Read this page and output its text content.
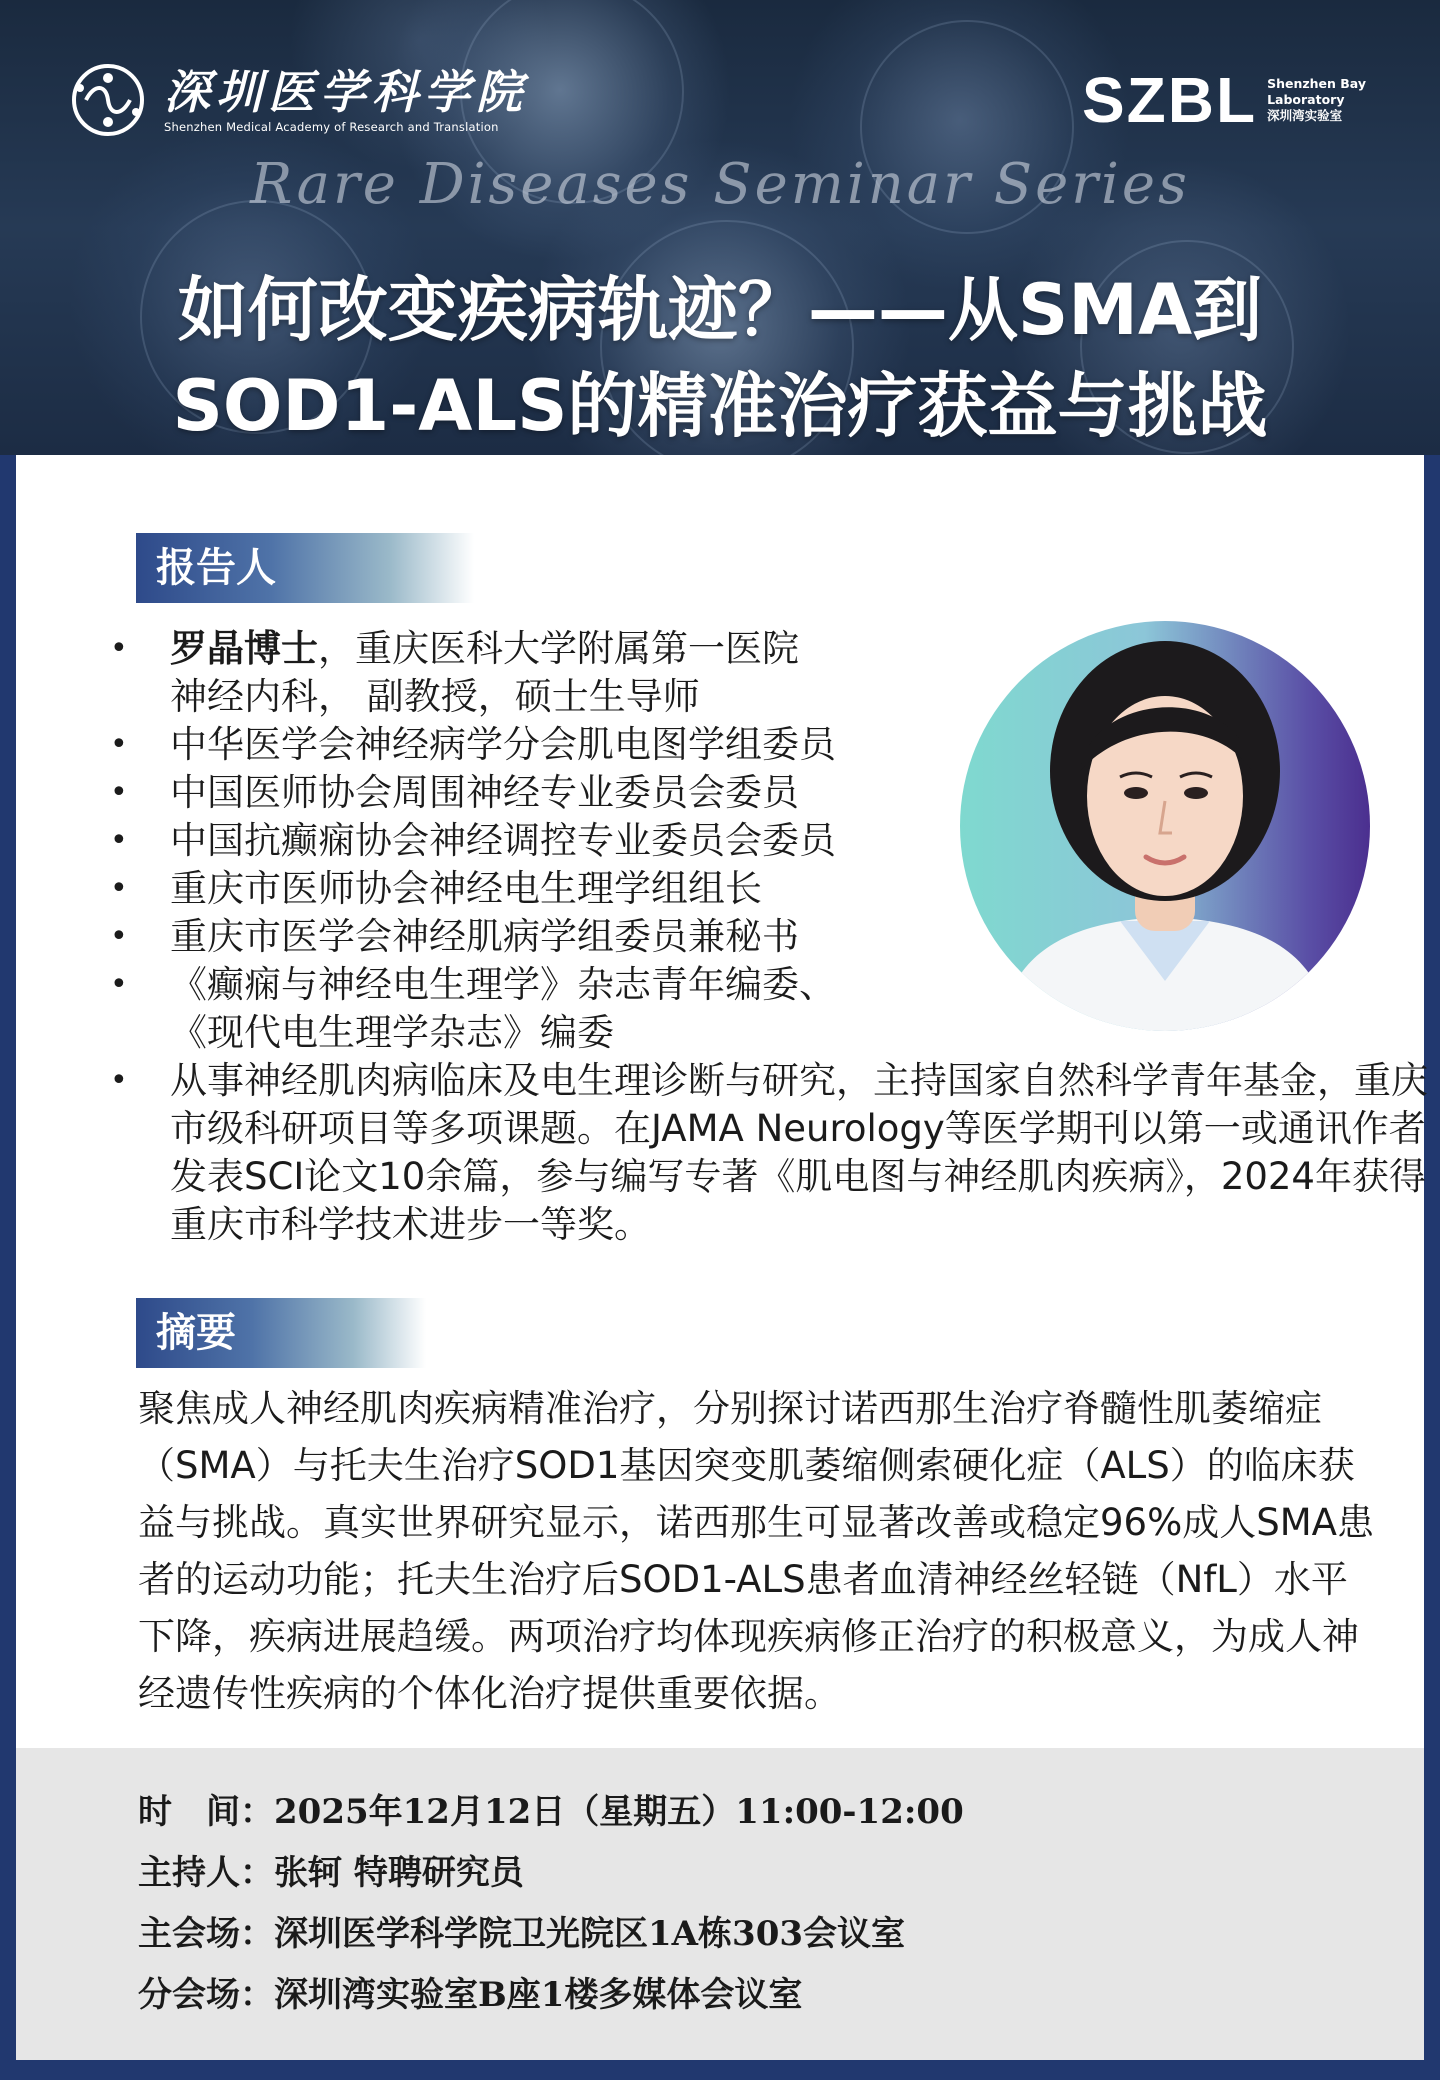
深圳医学科学院
Shenzhen Medical Academy of Research and Translation	SZBL Shenzhen Bay
Laboratory
深圳湾实验室
Rare Diseases Seminar Series
如何改变疾病轨迹？——从SMA到
SOD1-ALS的精准治疗获益与挑战
报告人
• 罗晶博士，重庆医科大学附属第一医院
神经内科， 副教授，硕士生导师
• 中华医学会神经病学分会肌电图学组委员
• 中国医师协会周围神经专业委员会委员
• 中国抗癫痫协会神经调控专业委员会委员
• 重庆市医师协会神经电生理学组组长
• 重庆市医学会神经肌病学组委员兼秘书
• 《癫痫与神经电生理学》杂志青年编委、
《现代电生理学杂志》编委
• 从事神经肌肉病临床及电生理诊断与研究，主持国家自然科学青年基金，重庆市级科研项目等多项课题。在JAMA Neurology等医学期刊以第一或通讯作者发表SCI论文10余篇，参与编写专著《肌电图与神经肌肉疾病》，2024年获得重庆市科学技术进步一等奖。
摘要

聚焦成人神经肌肉疾病精准治疗，分别探讨诺西那生治疗脊髓性肌萎缩症（SMA）与托夫生治疗SOD1基因突变肌萎缩侧索硬化症（ALS）的临床获益与挑战。真实世界研究显示，诺西那生可显著改善或稳定96%成人SMA患者的运动功能；托夫生治疗后SOD1-ALS患者血清神经丝轻链（NfL）水平下降，疾病进展趋缓。两项治疗均体现疾病修正治疗的积极意义，为成人神经遗传性疾病的个体化治疗提供重要依据。

时　间：2025年12月12日（星期五）11:00-12:00
主持人：张轲 特聘研究员
主会场：深圳医学科学院卫光院区1A栋303会议室
分会场：深圳湾实验室B座1楼多媒体会议室
